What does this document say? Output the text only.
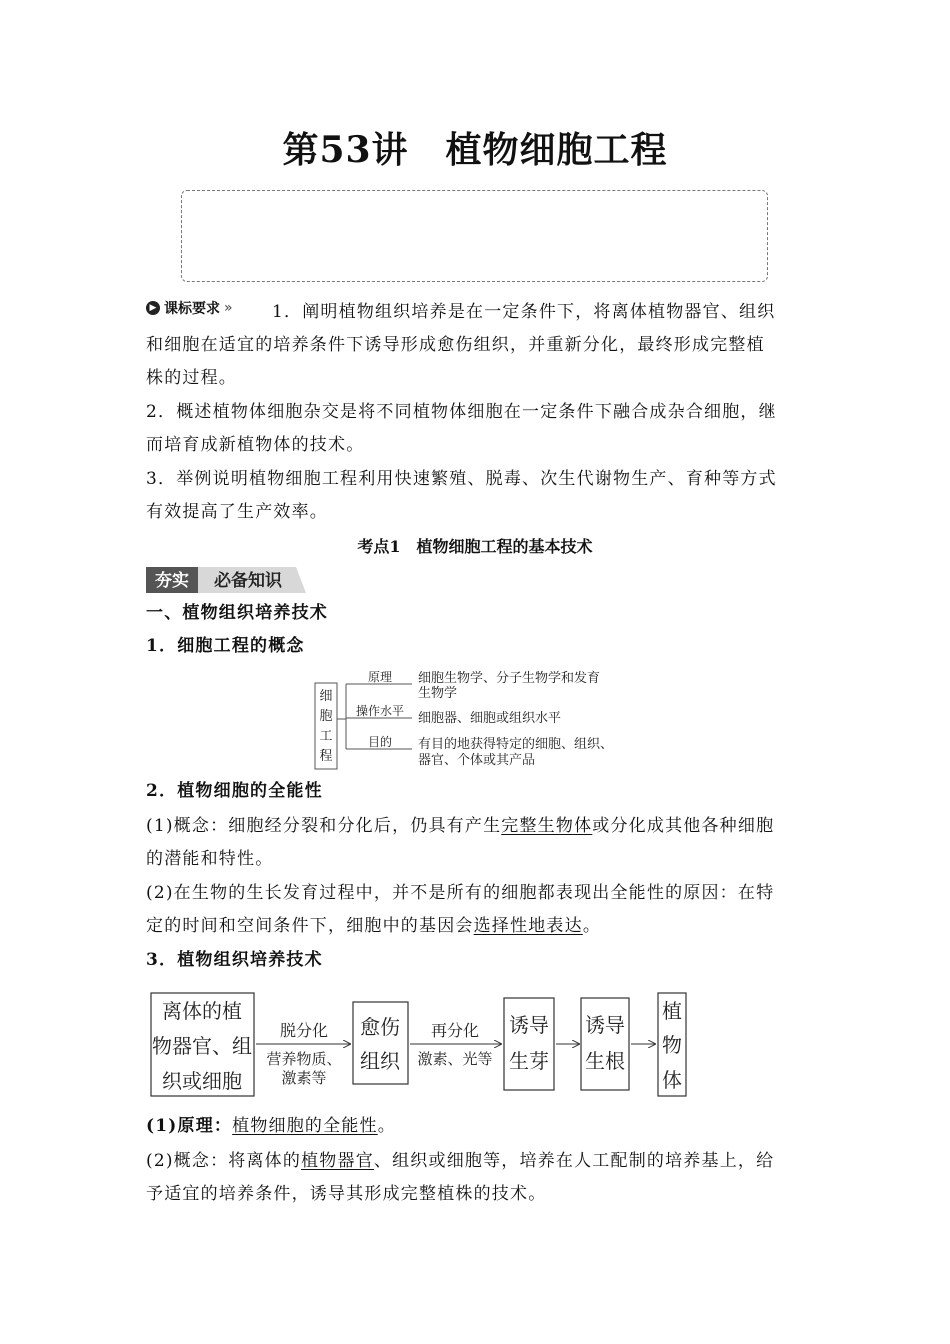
第53讲　植物细胞工程
▶ 课标要求 » 1．阐明植物组织培养是在一定条件下，将离体植物器官、组织
和细胞在适宜的培养条件下诱导形成愈伤组织，并重新分化，最终形成完整植
株的过程。
2．概述植物体细胞杂交是将不同植物体细胞在一定条件下融合成杂合细胞，继
而培育成新植物体的技术。
3．举例说明植物细胞工程利用快速繁殖、脱毒、次生代谢物生产、育种等方式
有效提高了生产效率。
考点1　植物细胞工程的基本技术
夯实 必备知识
一、植物组织培养技术
1．细胞工程的概念
细
胞
工
程
原理
操作水平
目的
细胞生物学、分子生物学和发育
生物学
细胞器、细胞或组织水平
有目的地获得特定的细胞、组织、
器官、个体或其产品
2．植物细胞的全能性
(1)概念：细胞经分裂和分化后，仍具有产生完整生物体或分化成其他各种细胞
的潜能和特性。
(2)在生物的生长发育过程中，并不是所有的细胞都表现出全能性的原因：在特
定的时间和空间条件下，细胞中的基因会选择性地表达。
3．植物组织培养技术
离体的植
物器官、组
织或细胞
脱分化
营养物质、
激素等
愈伤
组织
再分化
激素、光等
诱导
生芽
诱导
生根
植
物
体
(1)原理：植物细胞的全能性。
(2)概念：将离体的植物器官、组织或细胞等，培养在人工配制的培养基上，给
予适宜的培养条件，诱导其形成完整植株的技术。
